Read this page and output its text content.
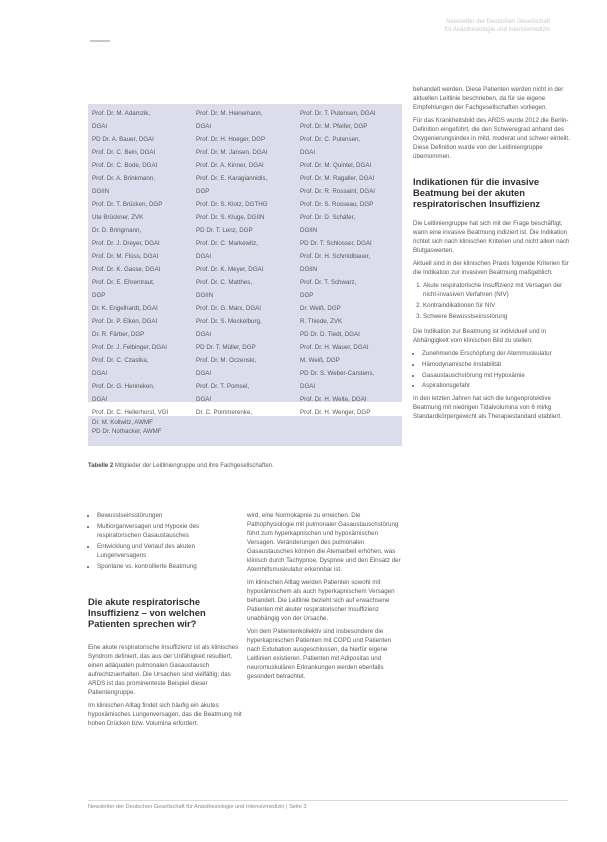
Newsletter der Deutschen Gesellschaft
für Anästhesiologie und Intensivmedizin
Prof. Dr. M. Adamzik,
DGAI
PD Dr. A. Bauer, DGAI
Prof. Dr. C. Bein, DGAI
Prof. Dr. C. Bode, DGAI
Prof. Dr. A. Brinkmann,
DGIIN
Prof. Dr. T. Brücken, DGP
Ute Brückner, ZVK
Dr. D. Bringmann,
Prof. Dr. J. Dreyer, DGAI
Prof. Dr. M. Flüss, DGAI
Prof. Dr. K. Gasse, DGAI
Prof. Dr. E. Ehrentraut,
DGP
Dr. K. Engelhardt, DGAI
Prof. Dr. P. Elken, DGAI
Dr. R. Färber, DGP
Prof. Dr. J. Felbinger, DGAI
Prof. Dr. C. Czastka,
DGAI
Prof. Dr. G. Henneken,
DGAI
Prof. Dr. C. Hellerhorst, VGI
Prof. Dr. M. Heinemann,
DGAI
Prof. Dr. H. Hoeger, DGP
Prof. Dr. M. Jansen, DGAI
Prof. Dr. A. Kinner, DGAI
Prof. Dr. E. Karagiannidis,
DGP
Prof. Dr. S. Klotz, DGTHG
Prof. Dr. S. Kluge, DGIIN
PD Dr. T. Lenz, DGP
Prof. Dr. C. Markewitz,
DGAI
Prof. Dr. K. Meyer, DGAI
Prof. Dr. C. Matthes,
DGIIN
Prof. Dr. G. Marx, DGAI
Prof. Dr. S. Meckelburg,
DGAI
PD Dr. T. Müller, DGP
Prof. Dr. M. Oczenski,
DGAI
Prof. Dr. T. Pomsel,
DGAI
Dr. C. Pommerenke,
Prof. Dr. T. Putensen, DGAI
Prof. Dr. M. Pfeifer, DGP
Prof. Dr. C. Putensen,
DGAI
Prof. Dr. M. Quintel, DGAI
Prof. Dr. M. Ragaller, DGAI
Prof. Dr. R. Rossaint, DGAI
Prof. Dr. S. Rosseau, DGP
Prof. Dr. D. Schäfer,
DGIIN
PD Dr. T. Schlosser, DGAI
Prof. Dr. H. Schmidbauer,
DGIIN
Prof. Dr. T. Schwarz,
DGP
Dr. Weiß, DGP
R. Thiede, ZVK
PD Dr. D. Tiedt, DGAI
Prof. Dr. H. Wauer, DGAI
M. Weiß, DGP
PD Dr. S. Weber-Carstens,
DGAI
Prof. Dr. H. Welte, DGAI
Prof. Dr. H. Wenger, DGP
Dr. M. Kollwitz, AWMF
PD Dr. Nothacker, AWMF
Tabelle 2 Mitglieder der Leitliniengruppe und ihre Fachgesellschaften.
• Bewusstseinsstörungen
• Multiorganversagen und Hypoxie des respiratorischen Gasaustausches
• Entwicklung und Verlauf des akuten Lungenversagens
• Spontane vs. kontrollierte Beatmung
Die akute respiratorische Insuffizienz – von welchen Patienten sprechen wir?

Eine akute respiratorische Insuffizienz ist als klinisches Syndrom definiert, das aus der Unfähigkeit resultiert, einen adäquaten pulmonalen Gasaustausch aufrechtzuerhalten. Die Ursachen sind vielfältig; das ARDS ist das prominenteste Beispiel dieser Patientengruppe.

Im klinischen Alltag findet sich häufig ein akutes hypoxämisches Lungenversagen, das die Beatmung mit hohen Drücken bzw. Volumina erfordert.

wird, eine Normokapnie zu erreichen. Die Pathophysiologie mit pulmonaler Gasaustauschstörung führt zum hyperkapnischen und hypoxämischen Versagen. Veränderungen des pulmonalen Gasaustausches können die Atemarbeit erhöhen, was klinisch durch Tachypnoe, Dyspnoe und den Einsatz der Atemhilfsmuskulatur erkennbar ist.

Im klinischen Alltag werden Patienten sowohl mit hypoxämischem als auch hyperkapnischem Versagen behandelt. Die Leitlinie bezieht sich auf erwachsene Patienten mit akuter respiratorischer Insuffizienz unabhängig von der Ursache.

Von dem Patientenkollektiv sind insbesondere die hyperkapnischen Patienten mit COPD und Patienten nach Extubation ausgeschlossen, da hierfür eigene Leitlinien existieren. Patienten mit Adipositas und neuromuskulären Erkrankungen werden ebenfalls gesondert betrachtet.

behandelt werden. Diese Patienten werden nicht in der aktuellen Leitlinie beschrieben, da für sie eigene Empfehlungen der Fachgesellschaften vorliegen.

Für das Krankheitsbild des ARDS wurde 2012 die Berlin-Definition eingeführt, die den Schweregrad anhand des Oxygenierungsindex in mild, moderat und schwer einteilt. Diese Definition wurde von der Leitliniengruppe übernommen.

Indikationen für die invasive Beatmung bei der akuten respiratorischen Insuffizienz

Die Leitliniengruppe hat sich mit der Frage beschäftigt, wann eine invasive Beatmung indiziert ist. Die Indikation richtet sich nach klinischen Kriterien und nicht allein nach Blutgaswerten.

Aktuell sind in der klinischen Praxis folgende Kriterien für die Indikation zur invasiven Beatmung maßgeblich:

1. Akute respiratorische Insuffizienz mit Versagen der nicht-invasiven Verfahren (NIV)
2. Kontraindikationen für NIV
3. Schwere Bewusstseinsstörung

Die Indikation zur Beatmung ist individuell und in Abhängigkeit vom klinischen Bild zu stellen:

• Zunehmende Erschöpfung der Atemmuskulatur
• Hämodynamische Instabilität
• Gasaustauschstörung mit Hypoxämie
• Aspirationsgefahr

In den letzten Jahren hat sich die lungenprotektive Beatmung mit niedrigen Tidalvolumina von 6 ml/kg Standardkörpergewicht als Therapiestandard etabliert.

Newsletter der Deutschen Gesellschaft für Anästhesiologie und Intensivmedizin | Seite 3
